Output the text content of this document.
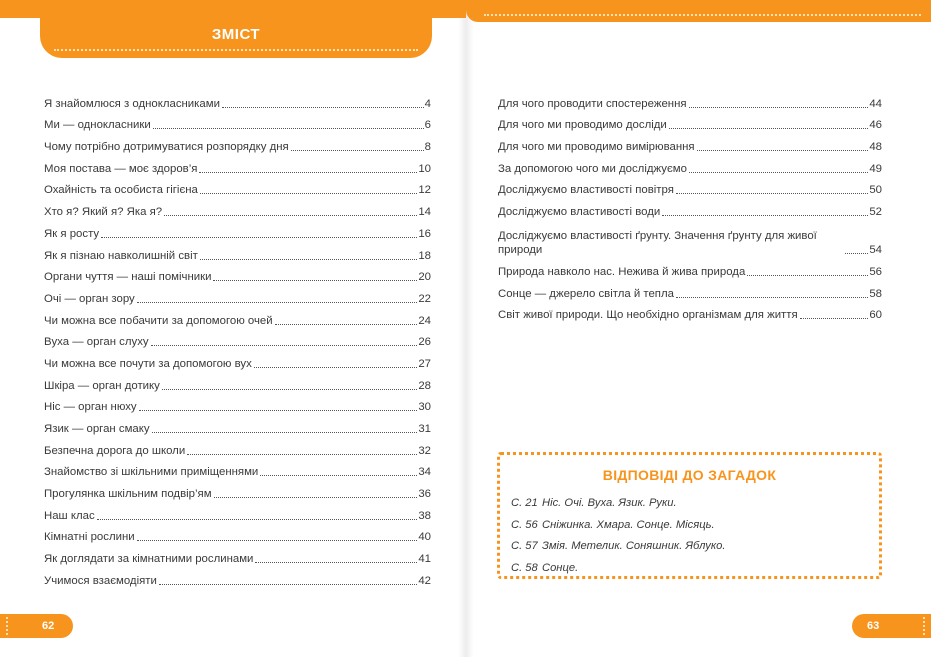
ЗМІСТ
Я знайомлюся з однокласниками	4
Ми — однокласники	6
Чому потрібно дотримуватися розпорядку дня	8
Моя постава — моє здоров’я	10
Охайність та особиста гігієна	12
Хто я? Який я? Яка я?	14
Як я росту	16
Як я пізнаю навколишній світ	18
Органи чуття — наші помічники	20
Очі — орган зору	22
Чи можна все побачити за допомогою очей	24
Вуха — орган слуху	26
Чи можна все почути за допомогою вух	27
Шкіра — орган дотику	28
Ніс — орган нюху	30
Язик — орган смаку	31
Безпечна дорога до школи	32
Знайомство зі шкільними приміщеннями	34
Прогулянка шкільним подвір’ям	36
Наш клас	38
Кімнатні рослини	40
Як доглядати за кімнатними рослинами	41
Учимося взаємодіяти	42
Для чого проводити спостереження	44
Для чого ми проводимо досліди	46
Для чого ми проводимо вимірювання	48
За допомогою чого ми досліджуємо	49
Досліджуємо властивості повітря	50
Досліджуємо властивості води	52
Досліджуємо властивості ґрунту. Значення ґрунту для живої природи	54
Природа навколо нас. Нежива й жива природа	56
Сонце — джерело світла й тепла	58
Світ живої природи. Що необхідно організмам для життя	60
ВІДПОВІДІ ДО ЗАГАДОК
С. 21 Ніс. Очі. Вуха. Язик. Руки.
С. 56 Сніжинка. Хмара. Сонце. Місяць.
С. 57 Змія. Метелик. Соняшник. Яблуко.
С. 58 Сонце.
62	63
